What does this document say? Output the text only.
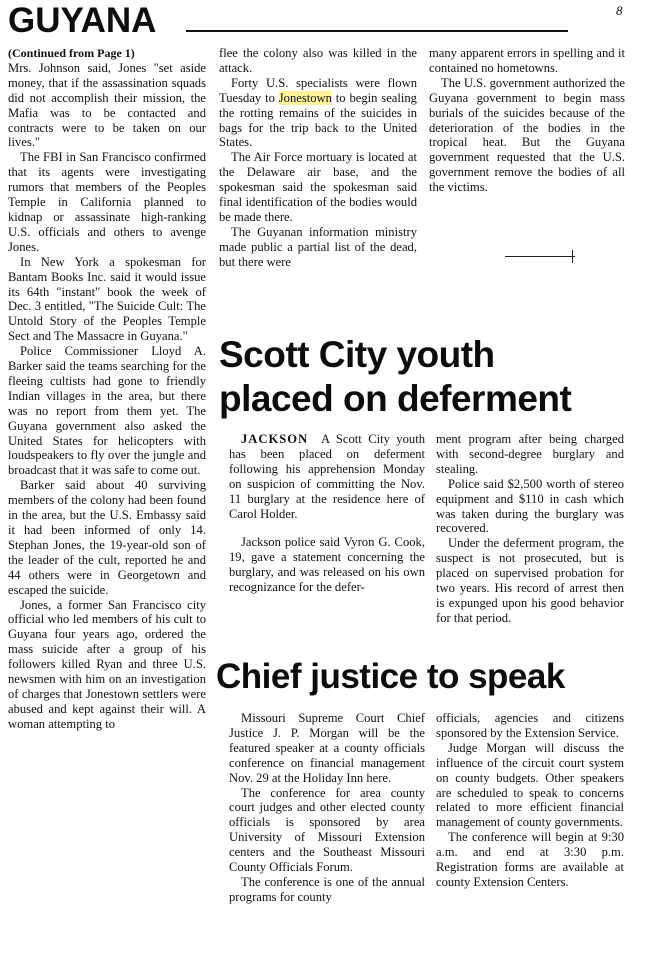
GUYANA	8

(Continued from Page 1)

Mrs. Johnson said, Jones "set aside money, that if the assassination squads did not accomplish their mission, the Mafia was to be contacted and contracts were to be taken on our lives."

The FBI in San Francisco confirmed that its agents were investigating rumors that members of the Peoples Temple in California planned to kidnap or assassinate high-ranking U.S. officials and others to avenge Jones.

In New York a spokesman for Bantam Books Inc. said it would issue its 64th "instant" book the week of Dec. 3 entitled, "The Suicide Cult: The Untold Story of the Peoples Temple Sect and The Massacre in Guyana."

Police Commissioner Lloyd A. Barker said the teams searching for the fleeing cultists had gone to friendly Indian villages in the area, but there was no report from them yet. The Guyana government also asked the United States for helicopters with loudspeakers to fly over the jungle and broadcast that it was safe to come out.

Barker said about 40 surviving members of the colony had been found in the area, but the U.S. Embassy said it had been informed of only 14. Stephan Jones, the 19-year-old son of the leader of the cult, reported he and 44 others were in Georgetown and escaped the suicide.

Jones, a former San Francisco city official who led members of his cult to Guyana four years ago, ordered the mass suicide after a group of his followers killed Ryan and three U.S. newsmen with him on an investigation of charges that Jonestown settlers were abused and kept against their will. A woman attempting to

flee the colony also was killed in the attack.

Forty U.S. specialists were flown Tuesday to Jonestown to begin sealing the rotting remains of the suicides in bags for the trip back to the United States.

The Air Force mortuary is located at the Delaware air base, and the spokesman said the spokesman said final identification of the bodies would be made there.

The Guyanan information ministry made public a partial list of the dead, but there were

many apparent errors in spelling and it contained no hometowns.

The U.S. government authorized the Guyana government to begin mass burials of the suicides because of the deterioration of the bodies in the tropical heat. But the Guyana government requested that the U.S. government remove the bodies of all the victims.

Scott City youth
placed on deferment

JACKSON A Scott City youth has been placed on deferment following his apprehension Monday on suspicion of committing the Nov. 11 burglary at the residence here of Carol Holder.

Jackson police said Vyron G. Cook, 19, gave a statement concerning the burglary, and was released on his own recognizance for the defer-

ment program after being charged with second-degree burglary and stealing.

Police said $2,500 worth of stereo equipment and $110 in cash which was taken during the burglary was recovered.

Under the deferment program, the suspect is not prosecuted, but is placed on supervised probation for two years. His record of arrest then is expunged upon his good behavior for that period.

Chief justice to speak

Missouri Supreme Court Chief Justice J. P. Morgan will be the featured speaker at a county officials conference on financial management Nov. 29 at the Holiday Inn here.

The conference for area county court judges and other elected county officials is sponsored by area University of Missouri Extension centers and the Southeast Missouri County Officials Forum.

The conference is one of the annual programs for county

officials, agencies and citizens sponsored by the Extension Service.

Judge Morgan will discuss the influence of the circuit court system on county budgets. Other speakers are scheduled to speak to concerns related to more efficient financial management of county governments.

The conference will begin at 9:30 a.m. and end at 3:30 p.m. Registration forms are available at county Extension Centers.
